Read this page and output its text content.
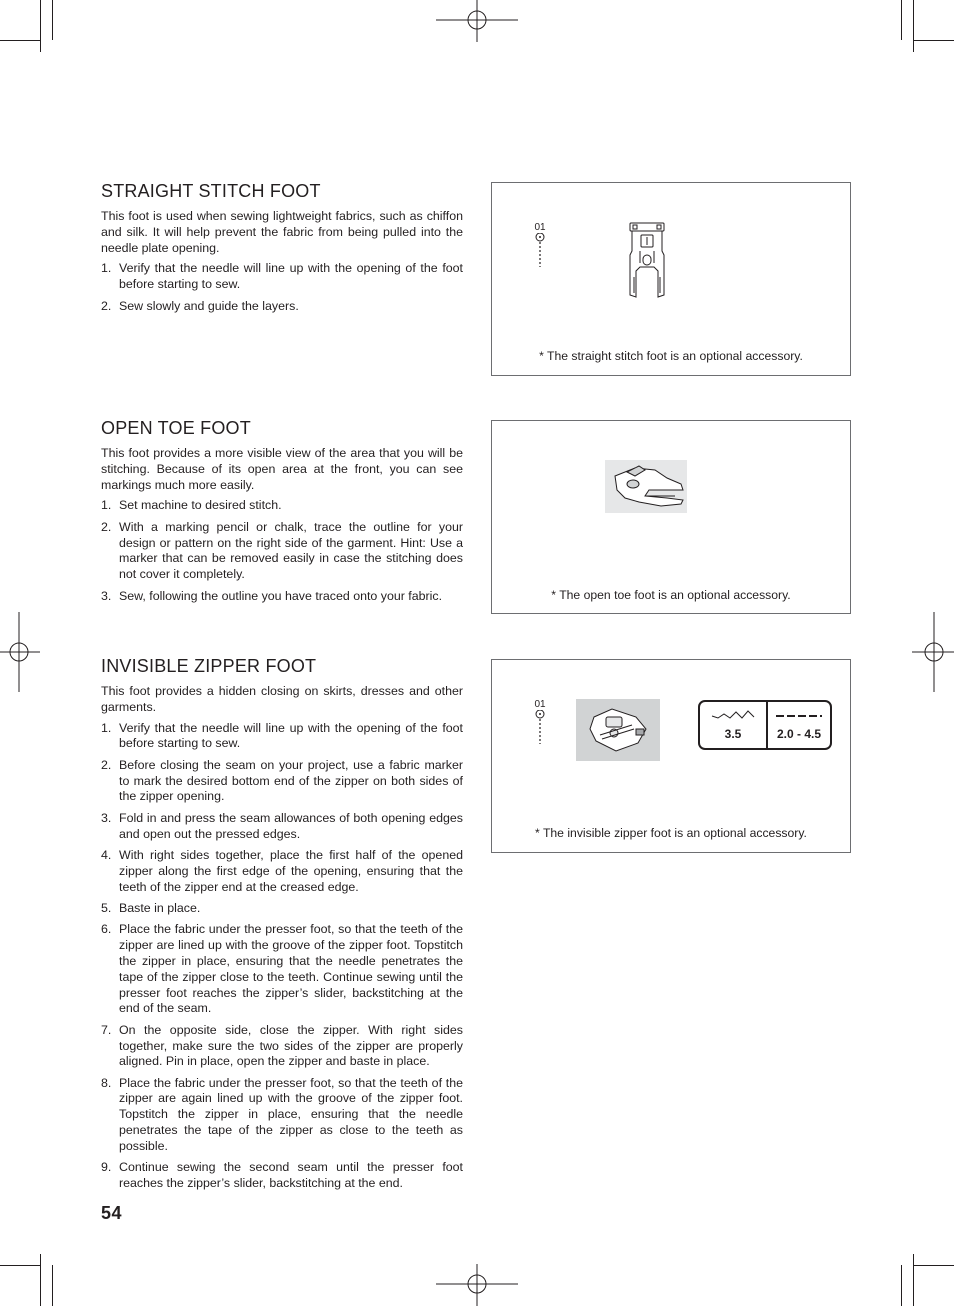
STRAIGHT STITCH FOOT

This foot is used when sewing lightweight fabrics, such as chiffon and silk. It will help prevent the fabric from being pulled into the needle plate opening.

1. Verify that the needle will line up with the opening of the foot before starting to sew.
2. Sew slowly and guide the layers.
01
* The straight stitch foot is an optional accessory.
OPEN TOE FOOT

This foot provides a more visible view of the area that you will be stitching. Because of its open area at the front, you can see markings much more easily.

1. Set machine to desired stitch.
2. With a marking pencil or chalk, trace the outline for your design or pattern on the right side of the garment. Hint: Use a marker that can be removed easily in case the stitching does not cover it completely.
3. Sew, following the outline you have traced onto your fabric.	* The open toe foot is an optional accessory.
INVISIBLE ZIPPER FOOT

This foot provides a hidden closing on skirts, dresses and other garments.

1. Verify that the needle will line up with the opening of the foot before starting to sew.
2. Before closing the seam on your project, use a fabric marker to mark the desired bottom end of the zipper on both sides of the zipper opening.
3. Fold in and press the seam allowances of both opening edges and open out the pressed edges.
4. With right sides together, place the first half of the opened zipper along the first edge of the opening, ensuring that the teeth of the zipper end at the creased edge.
5. Baste in place.
6. Place the fabric under the presser foot, so that the teeth of the zipper are lined up with the groove of the zipper foot. Topstitch the zipper in place, ensuring that the needle penetrates the tape of the zipper close to the teeth. Continue sewing until the presser foot reaches the zipper’s slider, backstitching at the end of the seam.
7. On the opposite side, close the zipper. With right sides together, make sure the two sides of the zipper are properly aligned. Pin in place, open the zipper and baste in place.
8. Place the fabric under the presser foot, so that the teeth of the zipper are again lined up with the groove of the zipper foot. Topstitch the zipper in place, ensuring that the needle penetrates the tape of the zipper as close to the teeth as possible.
9. Continue sewing the second seam until the presser foot reaches the zipper’s slider, backstitching at the end.
01
3.5	2.0 - 4.5
* The invisible zipper foot is an optional accessory.
54
